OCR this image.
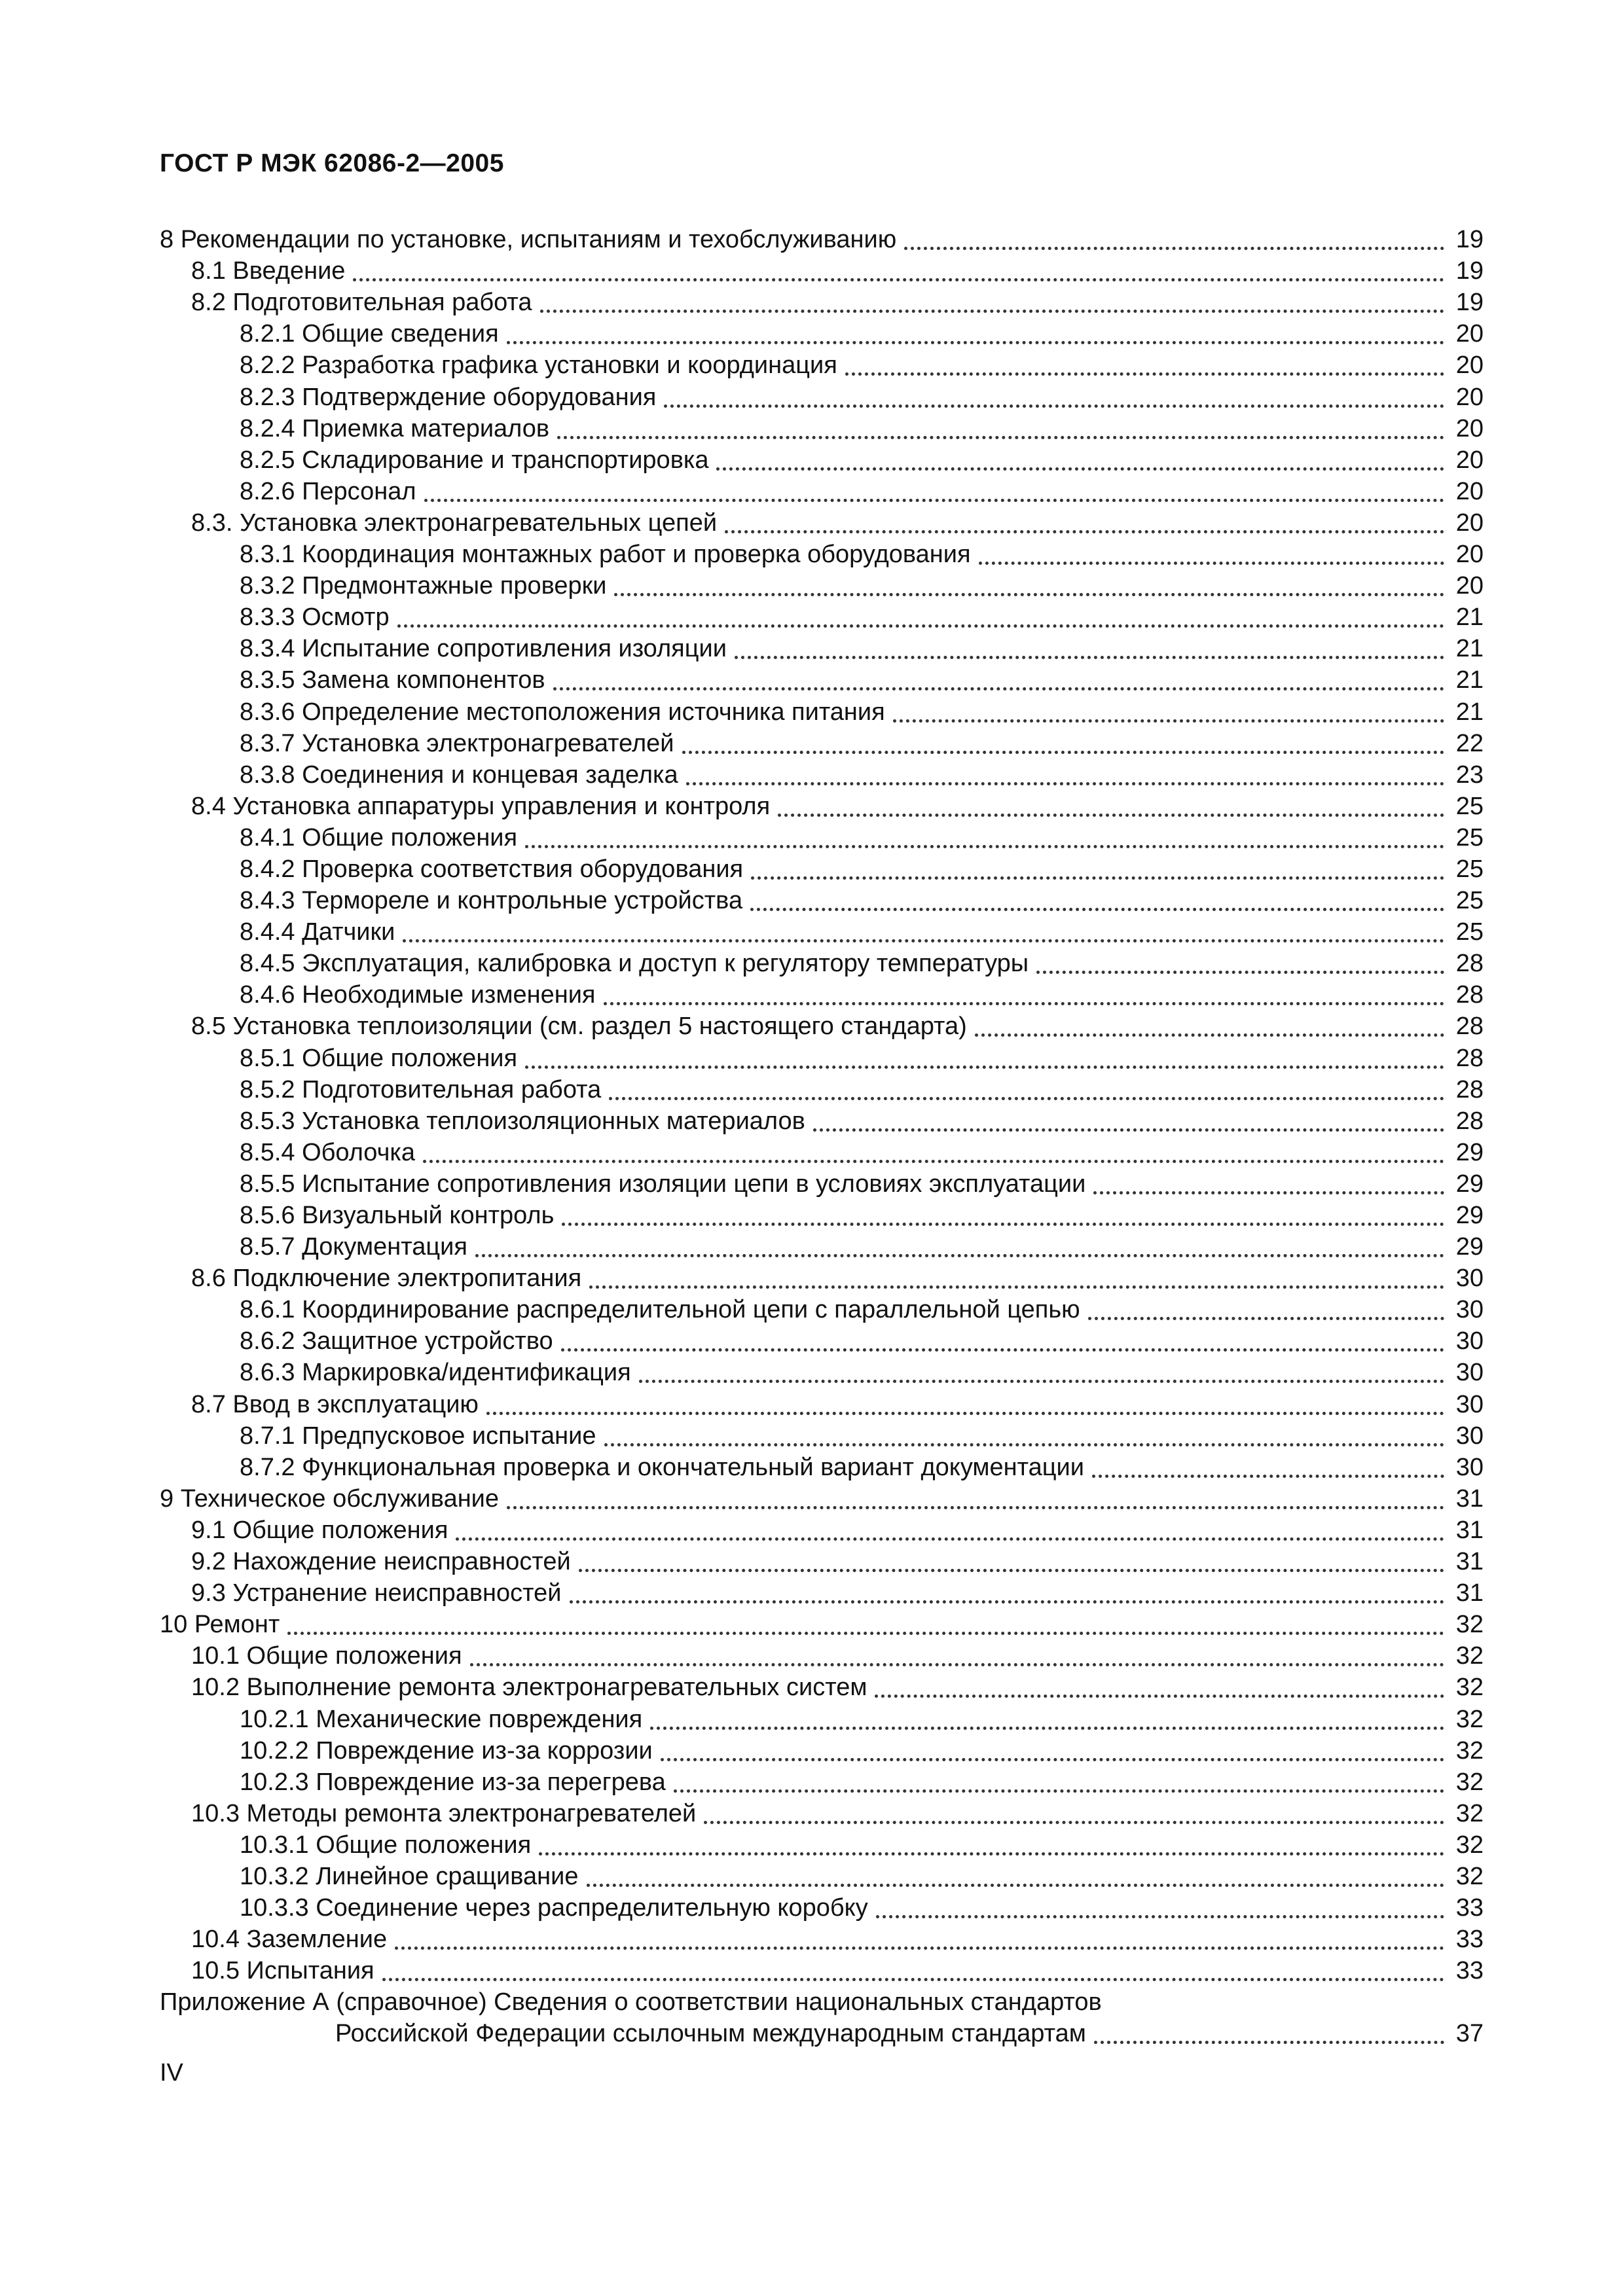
ГОСТ Р МЭК 62086-2—2005
8 Рекомендации по установке, испытаниям и техобслуживанию	19
8.1 Введение	19
8.2 Подготовительная работа	19
8.2.1 Общие сведения	20
8.2.2 Разработка графика установки и координация	20
8.2.3 Подтверждение оборудования	20
8.2.4 Приемка материалов	20
8.2.5 Складирование и транспортировка	20
8.2.6 Персонал	20
8.3. Установка электронагревательных цепей	20
8.3.1 Координация монтажных работ и проверка оборудования	20
8.3.2 Предмонтажные проверки	20
8.3.3 Осмотр	21
8.3.4 Испытание сопротивления изоляции	21
8.3.5 Замена компонентов	21
8.3.6 Определение местоположения источника питания	21
8.3.7 Установка электронагревателей	22
8.3.8 Соединения и концевая заделка	23
8.4 Установка аппаратуры управления и контроля	25
8.4.1 Общие положения	25
8.4.2 Проверка соответствия оборудования	25
8.4.3 Термореле и контрольные устройства	25
8.4.4 Датчики	25
8.4.5 Эксплуатация, калибровка и доступ к регулятору температуры	28
8.4.6 Необходимые изменения	28
8.5 Установка теплоизоляции (см. раздел 5 настоящего стандарта)	28
8.5.1 Общие положения	28
8.5.2 Подготовительная работа	28
8.5.3 Установка теплоизоляционных материалов	28
8.5.4 Оболочка	29
8.5.5 Испытание сопротивления изоляции цепи в условиях эксплуатации	29
8.5.6 Визуальный контроль	29
8.5.7 Документация	29
8.6 Подключение электропитания	30
8.6.1 Координирование распределительной цепи с параллельной цепью	30
8.6.2 Защитное устройство	30
8.6.3 Маркировка/идентификация	30
8.7 Ввод в эксплуатацию	30
8.7.1 Предпусковое испытание	30
8.7.2 Функциональная проверка и окончательный вариант документации	30
9 Техническое обслуживание	31
9.1 Общие положения	31
9.2 Нахождение неисправностей	31
9.3 Устранение неисправностей	31
10 Ремонт	32
10.1 Общие положения	32
10.2 Выполнение ремонта электронагревательных систем	32
10.2.1 Механические повреждения	32
10.2.2 Повреждение из-за коррозии	32
10.2.3 Повреждение из-за перегрева	32
10.3 Методы ремонта электронагревателей	32
10.3.1 Общие положения	32
10.3.2 Линейное сращивание	32
10.3.3 Соединение через распределительную коробку	33
10.4 Заземление	33
10.5 Испытания	33
Приложение А (справочное) Сведения о соответствии национальных стандартов
Российской Федерации ссылочным международным стандартам	37
IV
